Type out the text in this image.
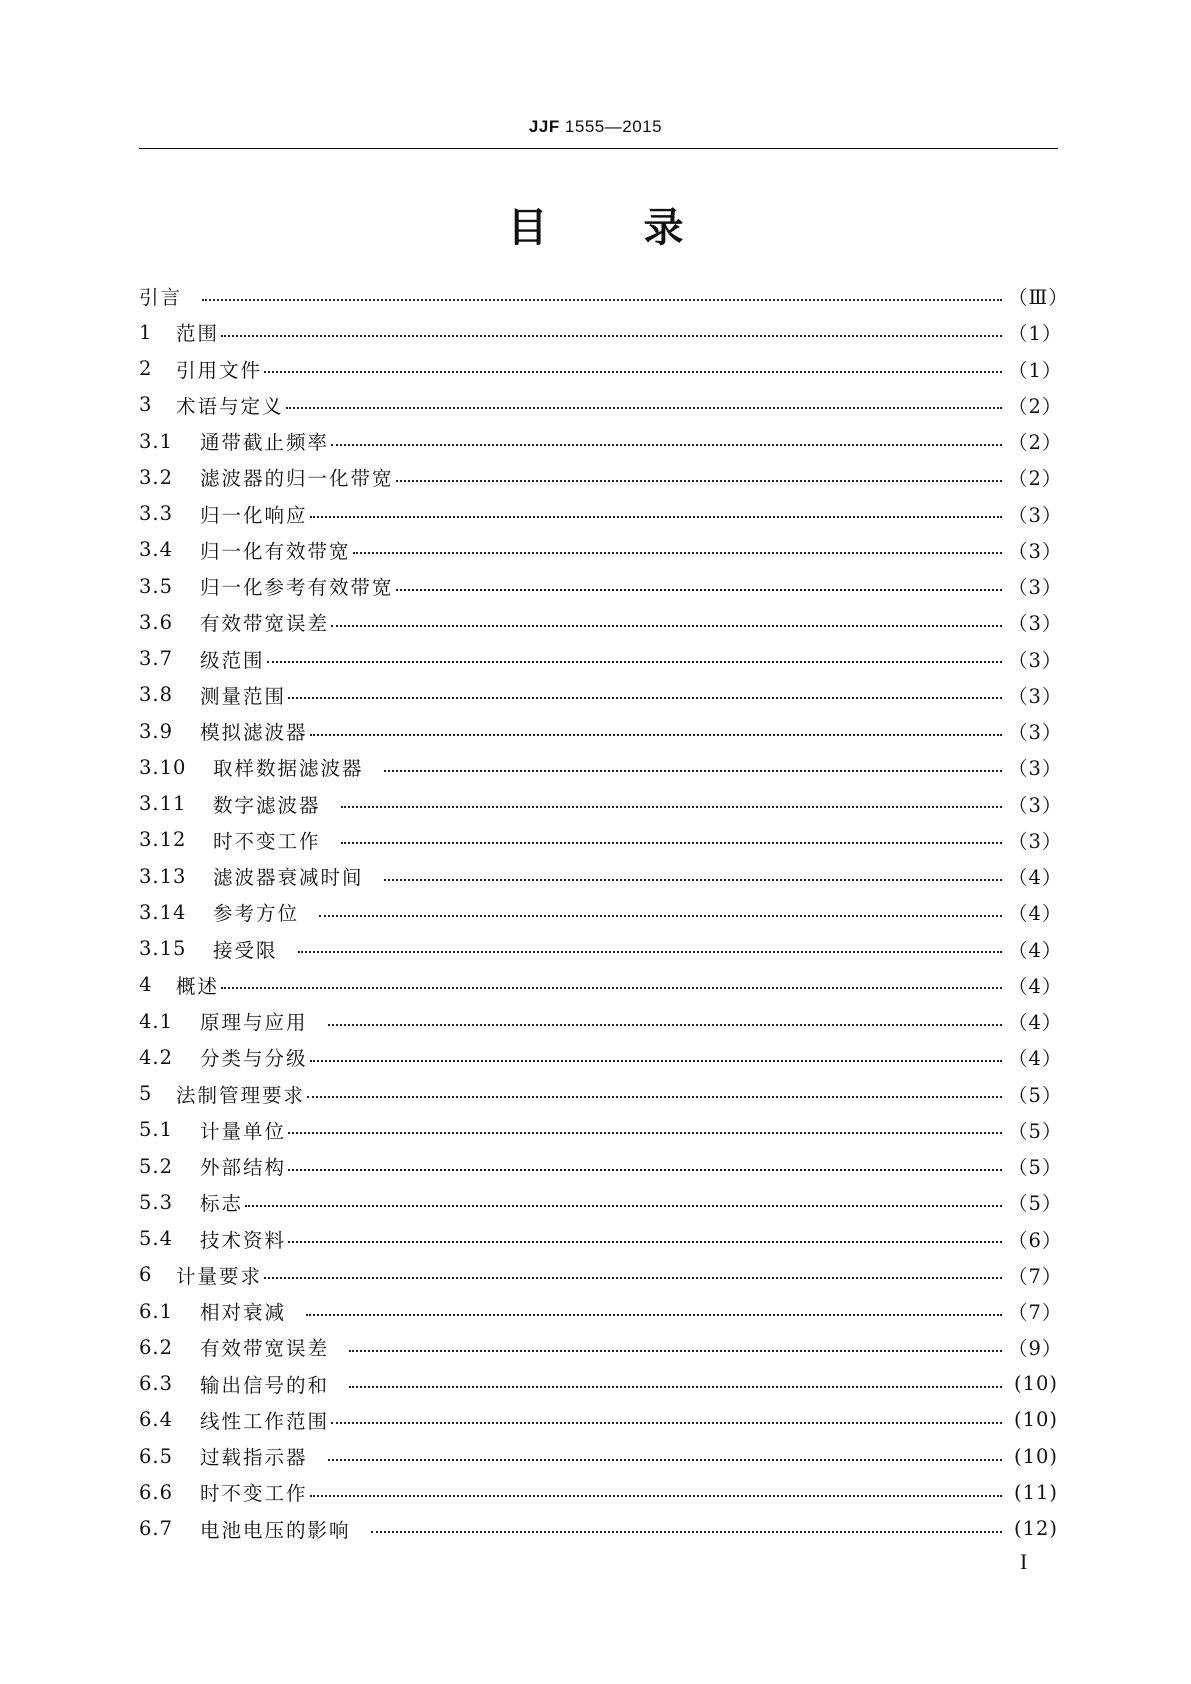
JJF 1555—2015
目 录
引言	（Ⅲ）
1	范围	（1）
2	引用文件	（1）
3	术语与定义	（2）
3.1	通带截止频率	（2）
3.2	滤波器的归一化带宽	（2）
3.3	归一化响应	（3）
3.4	归一化有效带宽	（3）
3.5	归一化参考有效带宽	（3）
3.6	有效带宽误差	（3）
3.7	级范围	（3）
3.8	测量范围	（3）
3.9	模拟滤波器	（3）
3.10	取样数据滤波器	（3）
3.11	数字滤波器	（3）
3.12	时不变工作	（3）
3.13	滤波器衰减时间	（4）
3.14	参考方位	（4）
3.15	接受限	（4）
4	概述	（4）
4.1	原理与应用	（4）
4.2	分类与分级	（4）
5	法制管理要求	（5）
5.1	计量单位	（5）
5.2	外部结构	（5）
5.3	标志	（5）
5.4	技术资料	（6）
6	计量要求	（7）
6.1	相对衰减	（7）
6.2	有效带宽误差	（9）
6.3	输出信号的和	(10)
6.4	线性工作范围	(10)
6.5	过载指示器	(10)
6.6	时不变工作	(11)
6.7	电池电压的影响	(12)
I
